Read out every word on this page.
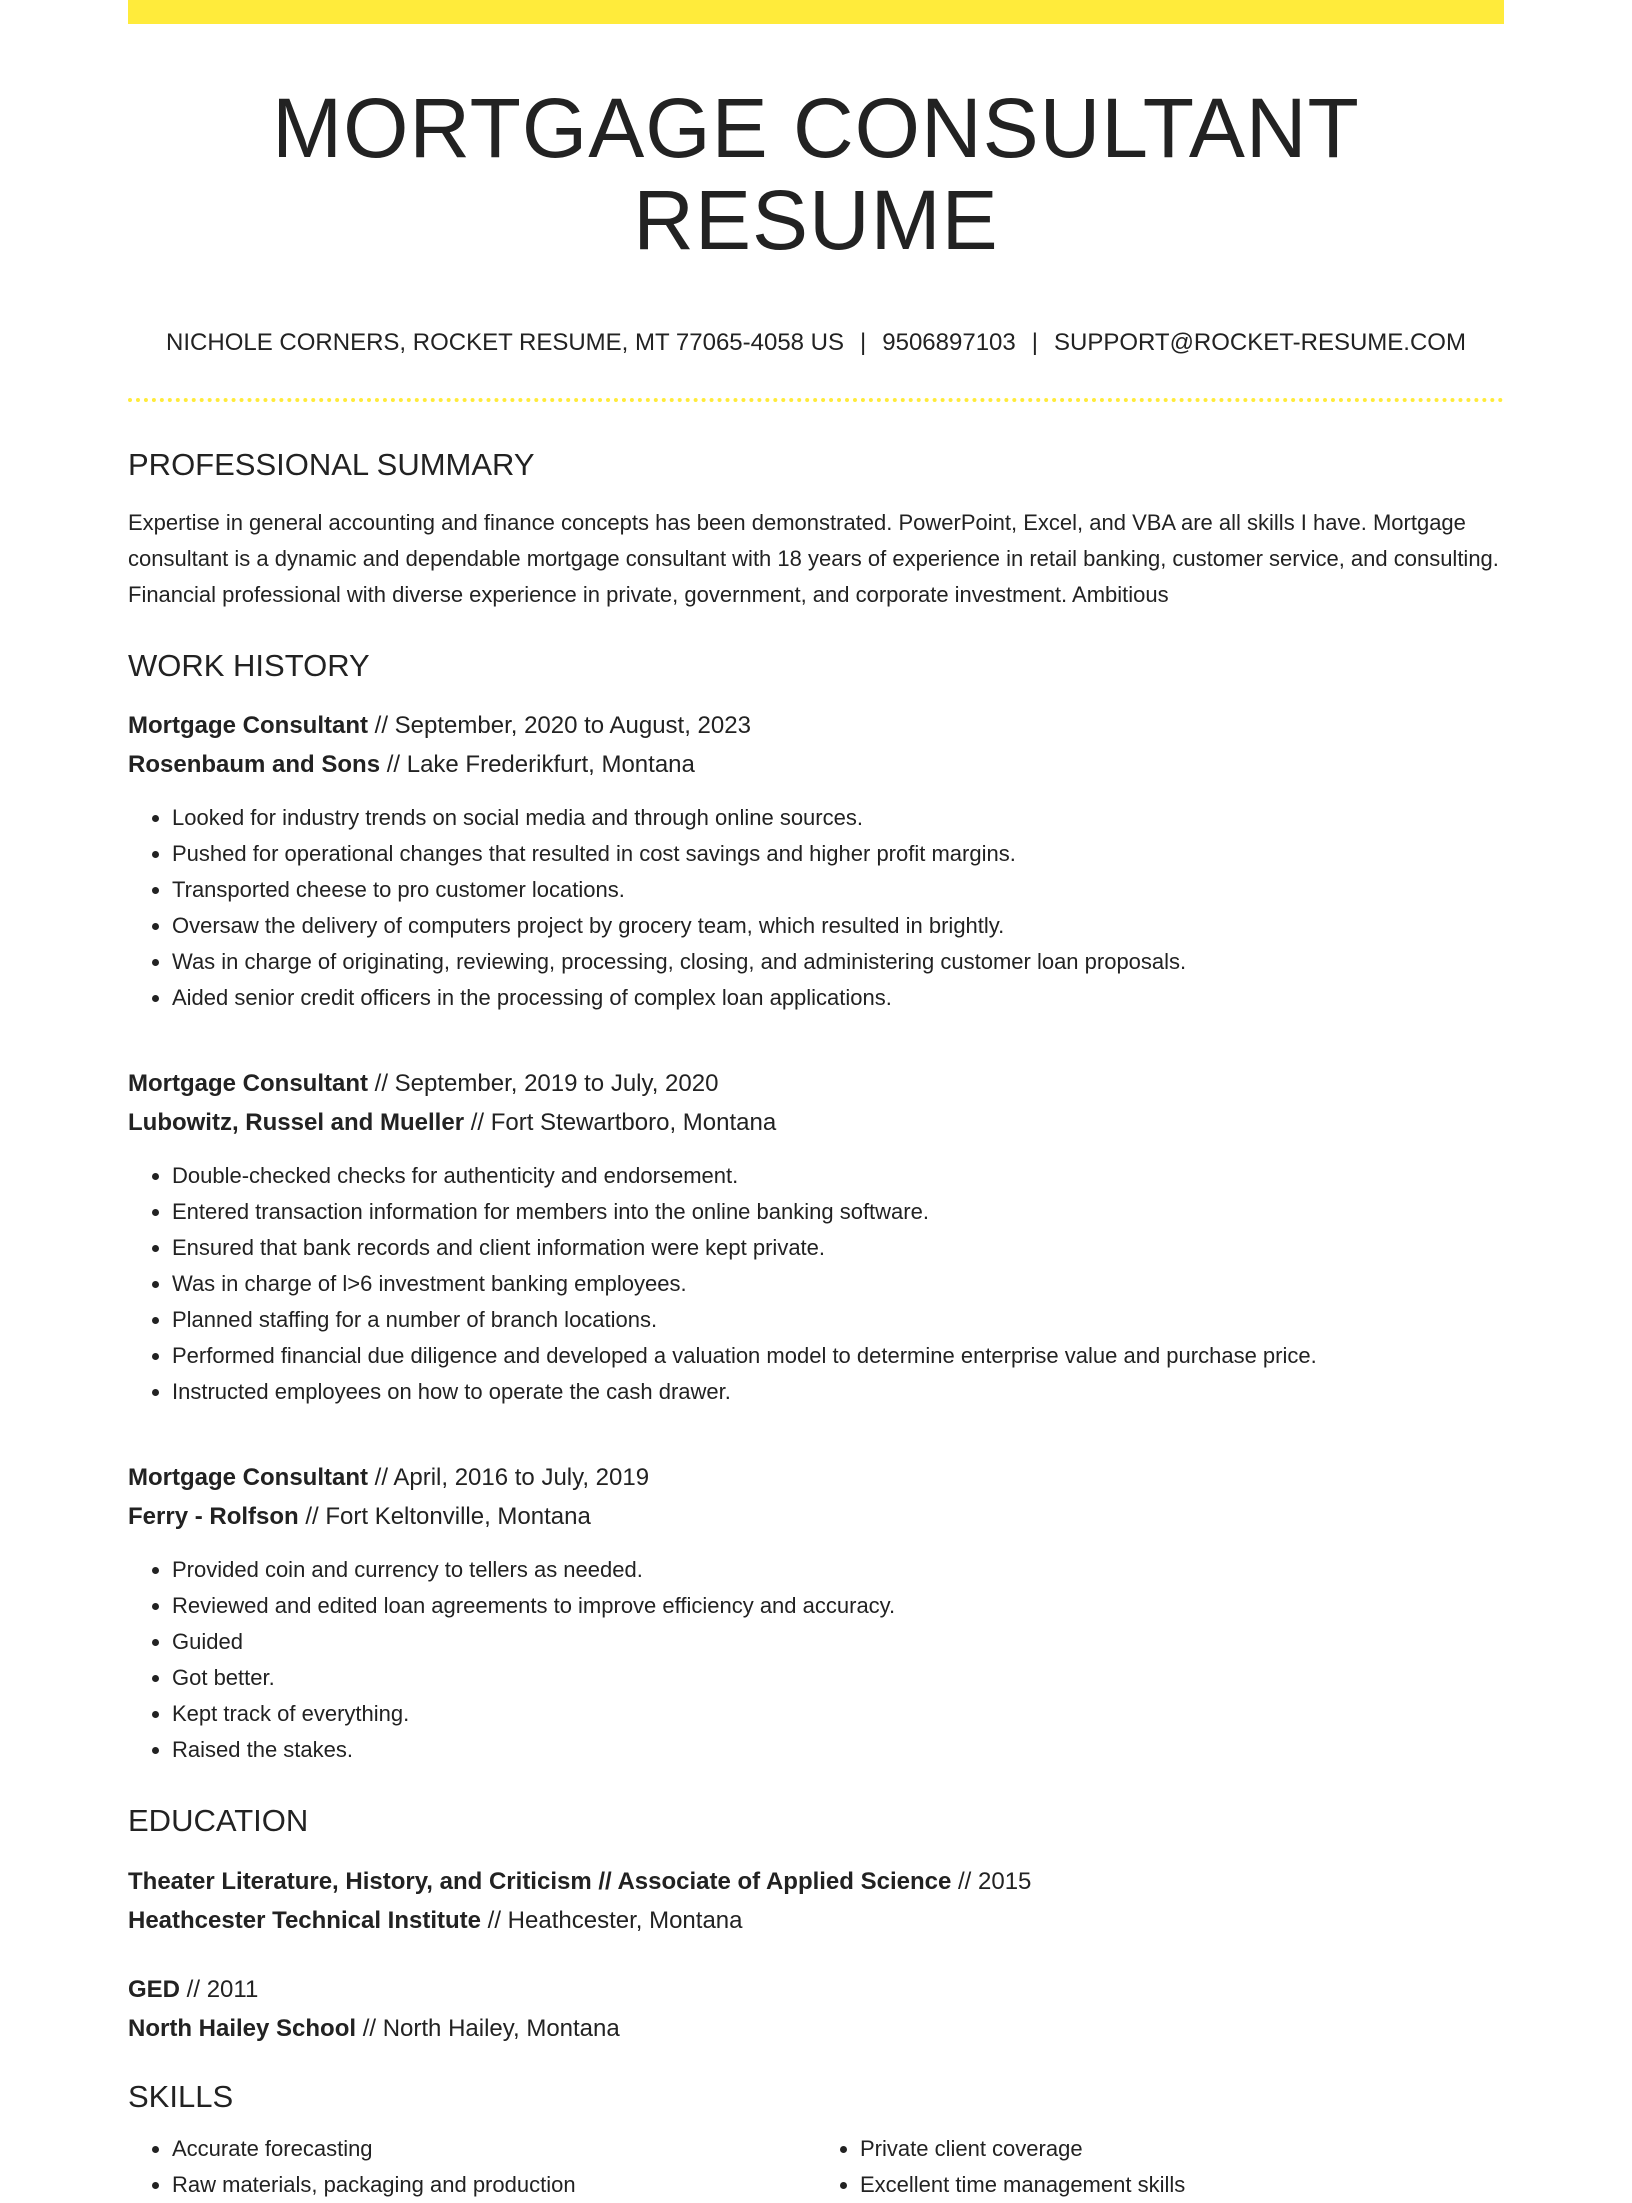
MORTGAGE CONSULTANT RESUME
NICHOLE CORNERS, ROCKET RESUME, MT 77065-4058 US | 9506897103 | SUPPORT@ROCKET-RESUME.COM
PROFESSIONAL SUMMARY

Expertise in general accounting and finance concepts has been demonstrated. PowerPoint, Excel, and VBA are all skills I have. Mortgage consultant is a dynamic and dependable mortgage consultant with 18 years of experience in retail banking, customer service, and consulting. Financial professional with diverse experience in private, government, and corporate investment. Ambitious

WORK HISTORY
Mortgage Consultant // September, 2020 to August, 2023
Rosenbaum and Sons // Lake Frederikfurt, Montana
• Looked for industry trends on social media and through online sources.
• Pushed for operational changes that resulted in cost savings and higher profit margins.
• Transported cheese to pro customer locations.
• Oversaw the delivery of computers project by grocery team, which resulted in brightly.
• Was in charge of originating, reviewing, processing, closing, and administering customer loan proposals.
• Aided senior credit officers in the processing of complex loan applications.
Mortgage Consultant // September, 2019 to July, 2020
Lubowitz, Russel and Mueller // Fort Stewartboro, Montana
• Double-checked checks for authenticity and endorsement.
• Entered transaction information for members into the online banking software.
• Ensured that bank records and client information were kept private.
• Was in charge of l>6 investment banking employees.
• Planned staffing for a number of branch locations.
• Performed financial due diligence and developed a valuation model to determine enterprise value and purchase price.
• Instructed employees on how to operate the cash drawer.
Mortgage Consultant // April, 2016 to July, 2019
Ferry - Rolfson // Fort Keltonville, Montana
• Provided coin and currency to tellers as needed.
• Reviewed and edited loan agreements to improve efficiency and accuracy.
• Guided
• Got better.
• Kept track of everything.
• Raised the stakes.
EDUCATION
Theater Literature, History, and Criticism // Associate of Applied Science // 2015
Heathcester Technical Institute // Heathcester, Montana
GED // 2011
North Hailey School // North Hailey, Montana
SKILLS
• Accurate forecasting
• Raw materials, packaging and production
• Private client coverage
• Excellent time management skills
